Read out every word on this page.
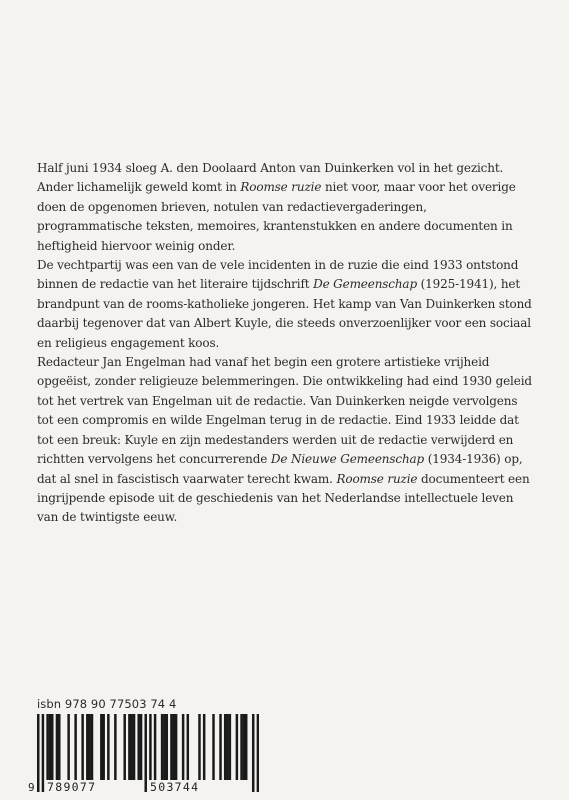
Half juni 1934 sloeg A. den Doolaard Anton van Duinkerken vol in het gezicht. Ander lichamelijk geweld komt in Roomse ruzie niet voor, maar voor het overige doen de opgenomen brieven, notulen van redactievergaderingen, programmatische teksten, memoires, krantenstukken en andere documenten in heftigheid hiervoor weinig onder.

De vechtpartij was een van de vele incidenten in de ruzie die eind 1933 ontstond binnen de redactie van het literaire tijdschrift De Gemeenschap (1925-1941), het brandpunt van de rooms-katholieke jongeren. Het kamp van Van Duinkerken stond daarbij tegenover dat van Albert Kuyle, die steeds onverzoenlijker voor een sociaal en religieus engagement koos.

Redacteur Jan Engelman had vanaf het begin een grotere artistieke vrijheid opgeëist, zonder religieuze belemmeringen. Die ontwikkeling had eind 1930 geleid tot het vertrek van Engelman uit de redactie. Van Duinkerken neigde vervolgens tot een compromis en wilde Engelman terug in de redactie. Eind 1933 leidde dat tot een breuk: Kuyle en zijn medestanders werden uit de redactie verwijderd en richtten vervolgens het concurrerende De Nieuwe Gemeenschap (1934-1936) op, dat al snel in fascistisch vaarwater terecht kwam. Roomse ruzie documenteert een ingrijpende episode uit de geschiedenis van het Nederlandse intellectuele leven van de twintigste eeuw.

isbn 978 90 77503 74 4
9 789077	503744
